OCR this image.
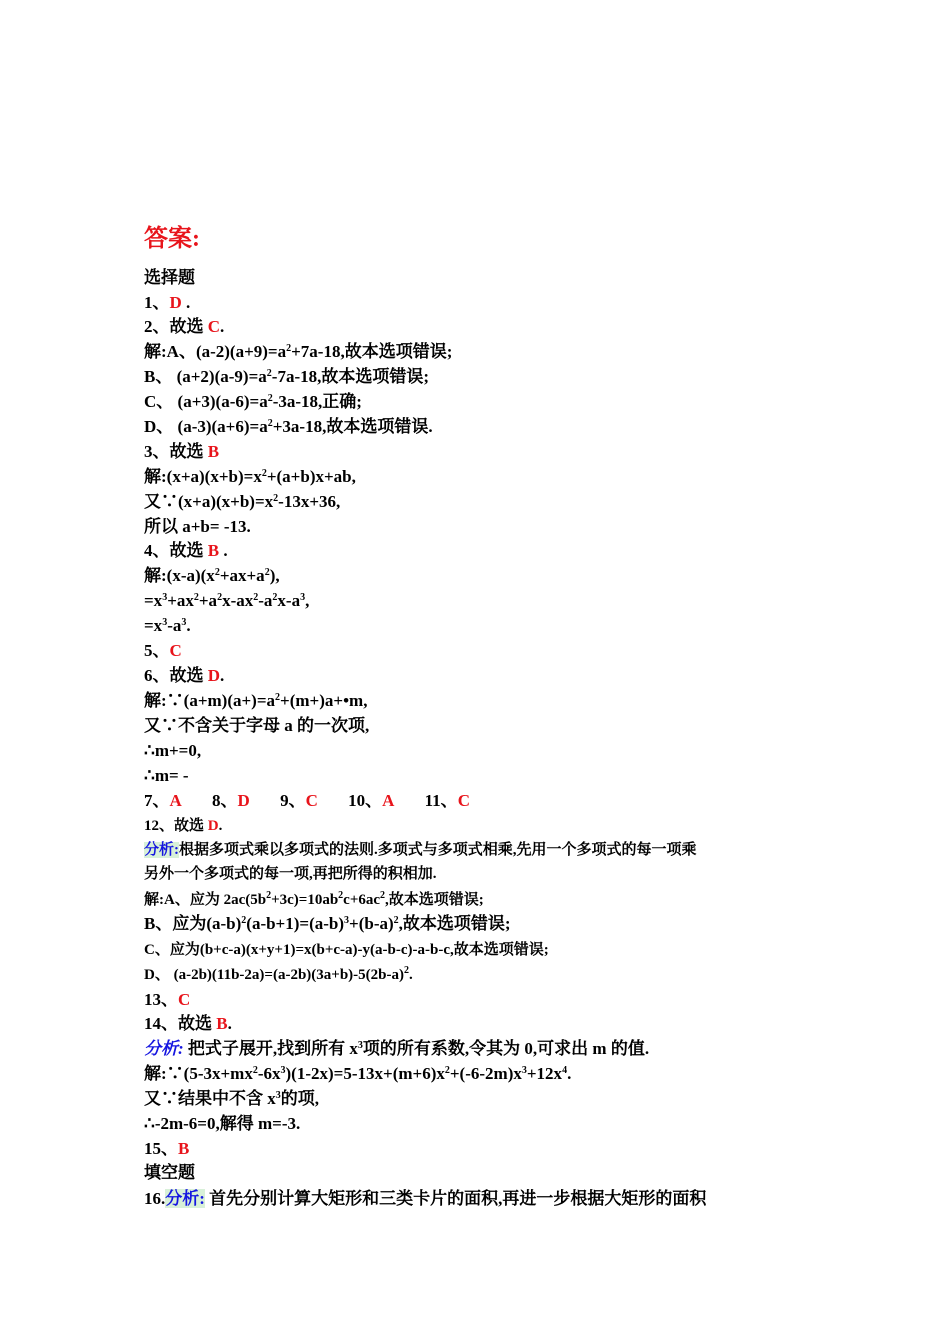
答案:
选择题
1、D .
2、故选 C.
解:A、$(a-2)(a+9)=a^2+7a-18$,故本选项错误;
B、 $(a+2)(a-9)=a^2-7a-18$,故本选项错误;
C、 $(a+3)(a-6)=a^2-3a-18$,正确;
D、 $(a-3)(a+6)=a^2+3a-18$,故本选项错误.
3、故选 B
解$:(x+a)(x+b)=x^2+(a+b)x+ab$,
又$\because(x+a)(x+b)=x^2-13x+36$,
所以 a+b= -13.
4、故选 B .
解$:(x-a)(x^2+ax+a^2)$,
$=x^3+ax^2+a^2x-ax^2-a^2x-a^3$,
$=x^3-a^3$.
5、C
6、故选 D.
解$:\because(a+m)(a+)=a^2+(m+)a+•m$,
又∵不含关于字母 a 的一次项,
∴m+=0,
∴m= -
7、A 8、D 9、C 10、A 11、C
12、故选 D.
分析:根据多项式乘以多项式的法则.多项式与多项式相乘,先用一个多项式的每一项乘
另外一个多项式的每一项,再把所得的积相加.
解:A、应为 $2ac(5b^2+3c)=10ab^2c+6ac^2$,故本选项错误;
B、应为$(a-b)^2(a-b+1)=(a-b)^3+(b-a)^2$,故本选项错误;
C、应为(b+c-a)(x+y+1)=x(b+c-a)-y(a-b-c)-a-b-c,故本选项错误;
D、 $(a-2b)(11b-2a)=(a-2b)(3a+b)-5(2b-a)^2$.
13、C
14、故选 B.
分析: 把式子展开,找到所有 $x^3$项的所有系数,令其为 0,可求出 m 的值.
解$:\because(5-3x+mx^2-6x^3)(1-2x)=5-13x+(m+6)x^2+(-6-2m)x^3+12x^4$.
又∵结果中不含 $x^3$的项,
∴-2m-6=0,解得 m=-3.
15、B
填空题
16.分析: 首先分别计算大矩形和三类卡片的面积,再进一步根据大矩形的面积
